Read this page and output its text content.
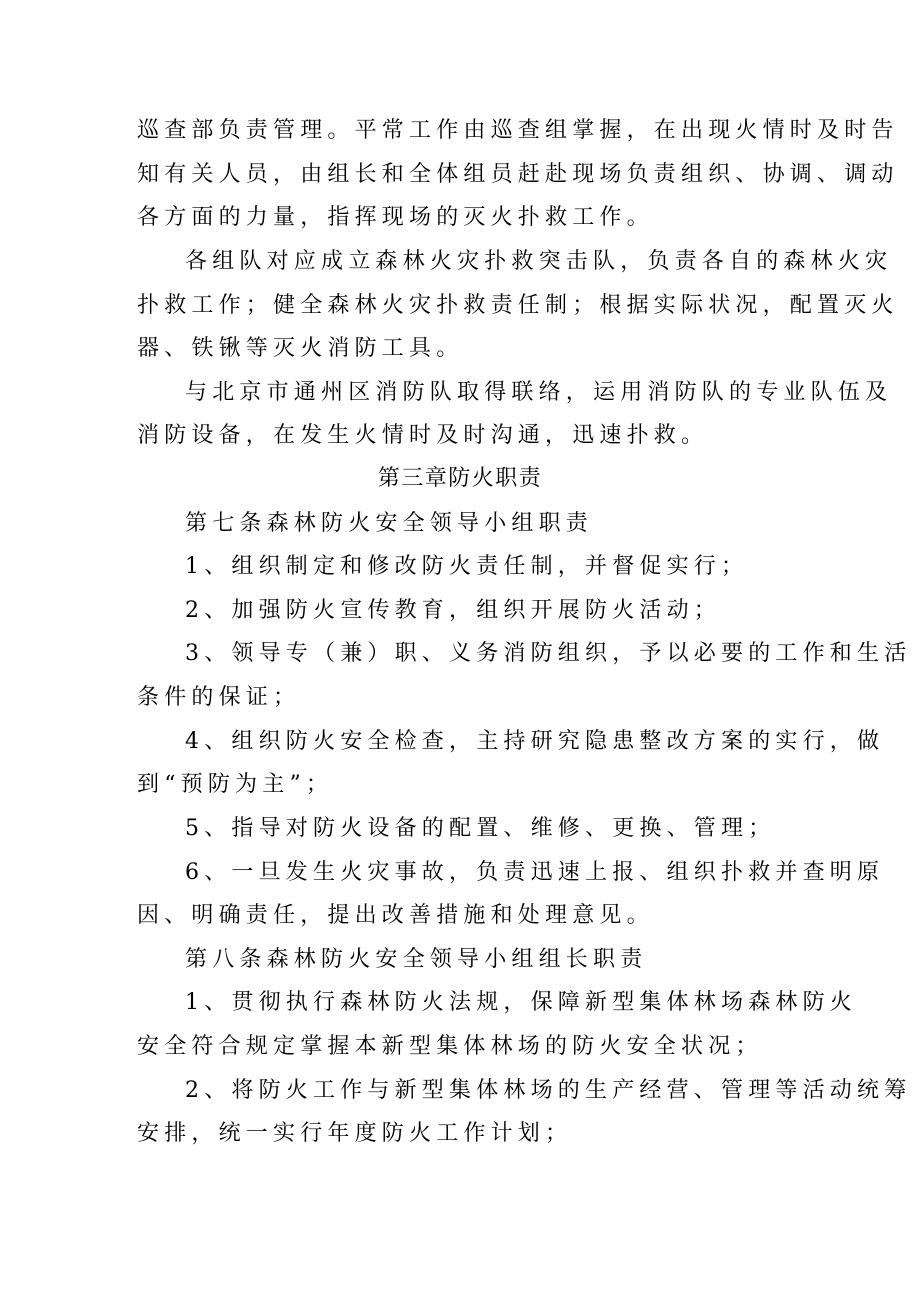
巡查部负责管理。平常工作由巡查组掌握，在出现火情时及时告
知有关人员，由组长和全体组员赶赴现场负责组织、协调、调动
各方面的力量，指挥现场的灭火扑救工作。
各组队对应成立森林火灾扑救突击队，负责各自的森林火灾
扑救工作；健全森林火灾扑救责任制；根据实际状况，配置灭火
器、铁锹等灭火消防工具。
与北京市通州区消防队取得联络，运用消防队的专业队伍及
消防设备，在发生火情时及时沟通，迅速扑救。
第三章防火职责
第七条森林防火安全领导小组职责
1、组织制定和修改防火责任制，并督促实行；
2、加强防火宣传教育，组织开展防火活动；
3、领导专（兼）职、义务消防组织，予以必要的工作和生活
条件的保证；
4、组织防火安全检查，主持研究隐患整改方案的实行，做
到“预防为主”；
5、指导对防火设备的配置、维修、更换、管理；
6、一旦发生火灾事故，负责迅速上报、组织扑救并查明原
因、明确责任，提出改善措施和处理意见。
第八条森林防火安全领导小组组长职责
1、贯彻执行森林防火法规，保障新型集体林场森林防火
安全符合规定掌握本新型集体林场的防火安全状况；
2、将防火工作与新型集体林场的生产经营、管理等活动统筹
安排，统一实行年度防火工作计划；
